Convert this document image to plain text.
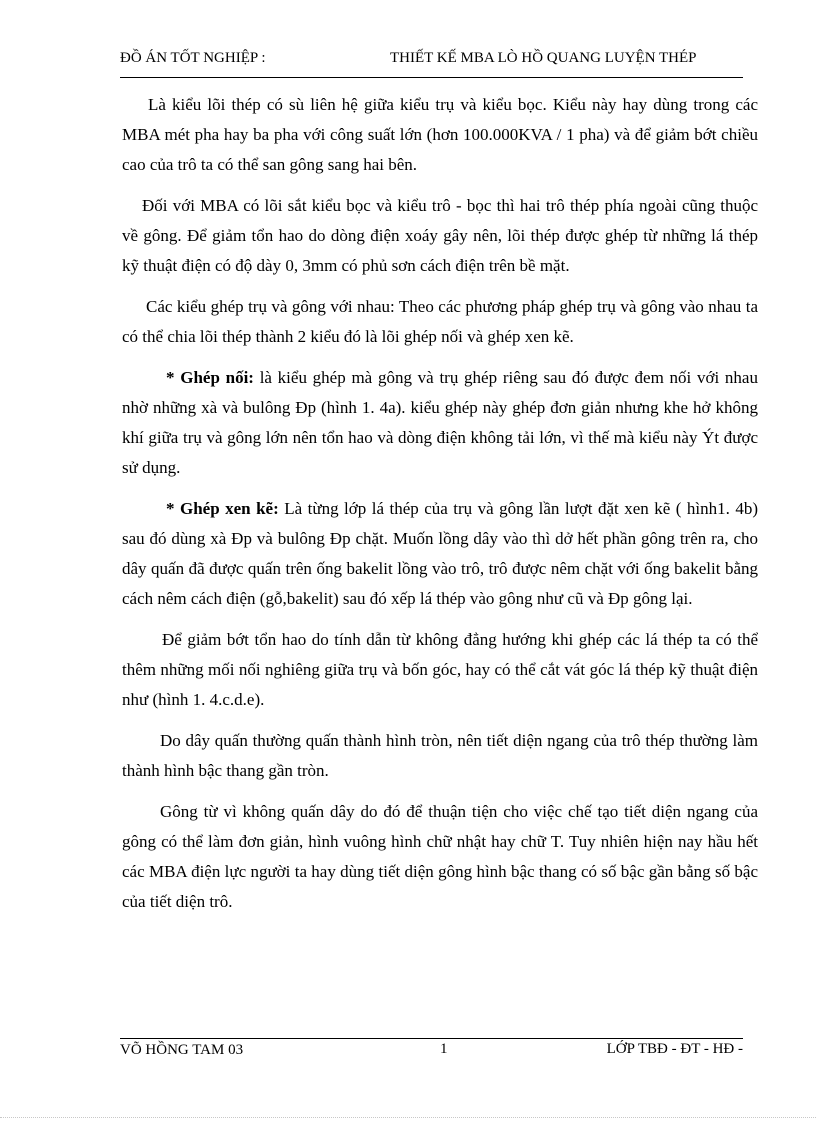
ĐỒ ÁN TỐT NGHIỆP :	THIẾT KẾ MBA LÒ HỒ QUANG LUYỆN THÉP

Là kiểu lõi thép có sù liên hệ giữa kiểu trụ và kiểu bọc. Kiểu này hay dùng trong các MBA mét pha hay ba pha với công suất lớn (hơn 100.000KVA / 1 pha) và để giảm bớt chiều cao của trô ta có thể san gông sang hai bên.

Đối với MBA có lõi sắt kiểu bọc và kiểu trô - bọc thì hai trô thép phía ngoài cũng thuộc về gông. Để giảm tổn hao do dòng điện xoáy gây nên, lõi thép được ghép từ những lá thép kỹ thuật điện có độ dày 0, 3mm có phủ sơn cách điện trên bề mặt.

Các kiểu ghép trụ và gông với nhau: Theo các phương pháp ghép trụ và gông vào nhau ta có thể chia lõi thép thành 2 kiểu đó là lõi ghép nối và ghép xen kẽ.

* Ghép nối: là kiểu ghép mà gông và trụ ghép riêng sau đó được đem nối với nhau nhờ những xà và bulông Đp (hình 1. 4a). kiểu ghép này ghép đơn giản nhưng khe hở không khí giữa trụ và gông lớn nên tổn hao và dòng điện không tải lớn, vì thế mà kiểu này Ýt được sử dụng.

* Ghép xen kẽ: Là từng lớp lá thép của trụ và gông lần lượt đặt xen kẽ ( hình1. 4b) sau đó dùng xà Đp và bulông Đp chặt. Muốn lồng dây vào thì dở hết phần gông trên ra, cho dây quấn đã được quấn trên ống bakelit lồng vào trô, trô được nêm chặt với ống bakelit bằng cách nêm cách điện (gỗ,bakelit) sau đó xếp lá thép vào gông như cũ và Đp gông lại.

Để giảm bớt tổn hao do tính dẫn từ không đẳng hướng khi ghép các lá thép ta có thể thêm những mối nối nghiêng giữa trụ và bốn góc, hay có thể cắt vát góc lá thép kỹ thuật điện như (hình 1. 4.c.d.e).

Do dây quấn thường quấn thành hình tròn, nên tiết diện ngang của trô thép thường làm thành hình bậc thang gần tròn.

Gông từ vì không quấn dây do đó để thuận tiện cho việc chế tạo tiết diện ngang của gông có thể làm đơn giản, hình vuông hình chữ nhật hay chữ T. Tuy nhiên hiện nay hầu hết các MBA điện lực người ta hay dùng tiết diện gông hình bậc thang có số bậc gần bằng số bậc của tiết diện trô.

VÕ HỒNG TAM 03	1	LỚP TBĐ - ĐT - HĐ -
